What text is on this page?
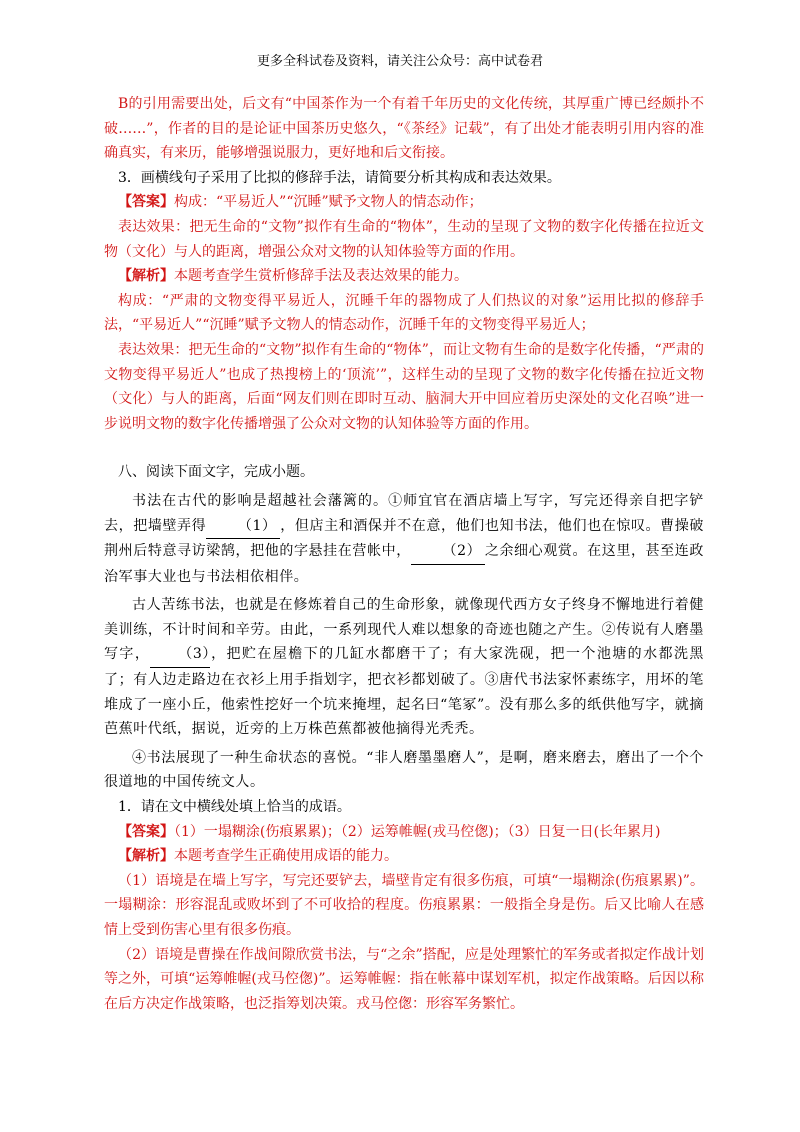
更多全科试卷及资料，请关注公众号：高中试卷君

B的引用需要出处，后文有“中国茶作为一个有着千年历史的文化传统，其厚重广博已经颇扑不破……”，作者的目的是论证中国茶历史悠久，“《茶经》记载”，有了出处才能表明引用内容的准确真实，有来历，能够增强说服力，更好地和后文衔接。

3．画横线句子采用了比拟的修辞手法，请简要分析其构成和表达效果。

【答案】构成：“平易近人”“沉睡”赋予文物人的情态动作；

表达效果：把无生命的“文物”拟作有生命的“物体”，生动的呈现了文物的数字化传播在拉近文物（文化）与人的距离，增强公众对文物的认知体验等方面的作用。

【解析】本题考查学生赏析修辞手法及表达效果的能力。

构成：“严肃的文物变得平易近人，沉睡千年的器物成了人们热议的对象”运用比拟的修辞手法，“平易近人”“沉睡”赋予文物人的情态动作，沉睡千年的文物变得平易近人；

表达效果：把无生命的“文物”拟作有生命的“物体”，而让文物有生命的是数字化传播，“严肃的文物变得平易近人”也成了热搜榜上的‘顶流’”，这样生动的呈现了文物的数字化传播在拉近文物（文化）与人的距离，后面“网友们则在即时互动、脑洞大开中回应着历史深处的文化召唤”进一步说明文物的数字化传播增强了公众对文物的认知体验等方面的作用。

八、阅读下面文字，完成小题。

书法在古代的影响是超越社会藩篱的。①师宜官在酒店墙上写字，写完还得亲自把字铲去，把墙壁弄得 （1） ，但店主和酒保并不在意，他们也知书法，他们也在惊叹。曹操破荆州后特意寻访梁鹄，把他的字悬挂在营帐中， （2） 之余细心观赏。在这里，甚至连政治军事大业也与书法相依相伴。

古人苦练书法，也就是在修炼着自己的生命形象，就像现代西方女子终身不懈地进行着健美训练，不计时间和辛劳。由此，一系列现代人难以想象的奇迹也随之产生。②传说有人磨墨写字， （3），把贮在屋檐下的几缸水都磨干了；有大家洗砚，把一个池塘的水都洗黑了；有人边走路边在衣衫上用手指划字，把衣衫都划破了。③唐代书法家怀素练字，用坏的笔堆成了一座小丘，他索性挖好一个坑来掩埋，起名曰“笔冢”。没有那么多的纸供他写字，就摘芭蕉叶代纸，据说，近旁的上万株芭蕉都被他摘得光秃秃。

④书法展现了一种生命状态的喜悦。“非人磨墨墨磨人”，是啊，磨来磨去，磨出了一个个很道地的中国传统文人。

1．请在文中横线处填上恰当的成语。

【答案】（1）一塌糊涂(伤痕累累)；（2）运筹帷幄(戎马倥偬)；（3）日复一日(长年累月)

【解析】本题考查学生正确使用成语的能力。

（1）语境是在墙上写字，写完还要铲去，墙壁肯定有很多伤痕，可填“一塌糊涂(伤痕累累)”。一塌糊涂：形容混乱或败坏到了不可收拾的程度。伤痕累累：一般指全身是伤。后又比喻人在感情上受到伤害心里有很多伤痕。

（2）语境是曹操在作战间隙欣赏书法，与“之余”搭配，应是处理繁忙的军务或者拟定作战计划等之外，可填“运筹帷幄(戎马倥偬)”。运筹帷幄：指在帐幕中谋划军机，拟定作战策略。后因以称在后方决定作战策略，也泛指筹划决策。戎马倥偬：形容军务繁忙。
